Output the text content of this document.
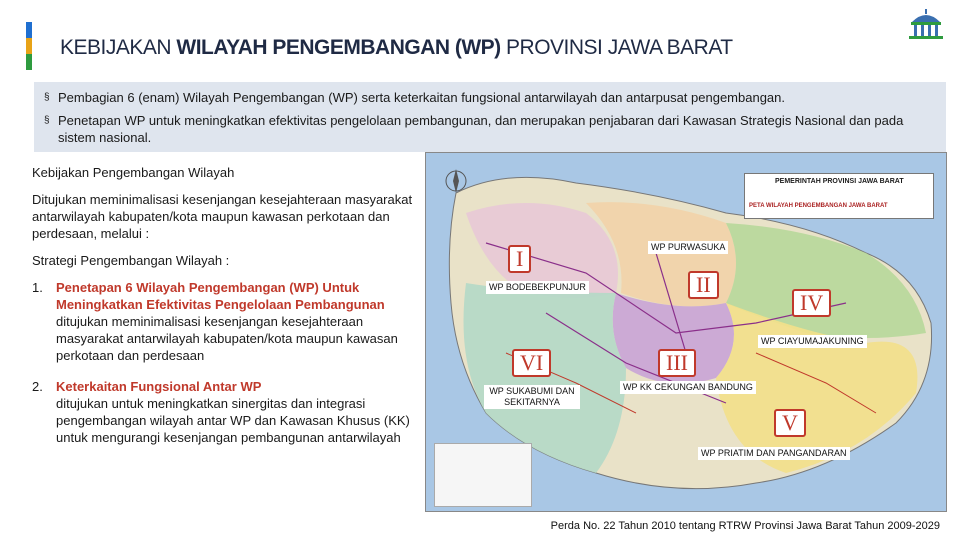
KEBIJAKAN WILAYAH PENGEMBANGAN (WP) PROVINSI JAWA BARAT
§ Pembagian 6 (enam) Wilayah Pengembangan (WP) serta keterkaitan fungsional antarwilayah dan antarpusat pengembangan.
§ Penetapan WP untuk meningkatkan efektivitas pengelolaan pembangunan, dan merupakan penjabaran dari Kawasan Strategis Nasional dan pada sistem nasional.
Kebijakan Pengembangan Wilayah
Ditujukan meminimalisasi kesenjangan kesejahteraan masyarakat antarwilayah kabupaten/kota maupun kawasan perkotaan dan perdesaan, melalui :
Strategi Pengembangan Wilayah :
1.	Penetapan 6 Wilayah Pengembangan (WP) Untuk Meningkatkan Efektivitas Pengelolaan Pembangunan
ditujukan meminimalisasi kesenjangan kesejahteraan masyarakat antarwilayah kabupaten/kota maupun kawasan perkotaan dan perdesaan
2.	Keterkaitan Fungsional Antar WP
ditujukan untuk meningkatkan sinergitas dan integrasi pengembangan wilayah antar WP dan Kawasan Khusus (KK) untuk mengurangi kesenjangan pembangunan antarwilayah
PEMERINTAH PROVINSI JAWA BARAT
PETA WILAYAH PENGEMBANGAN JAWA BARAT
I
WP BODEBEKPUNJUR	II
WP PURWASUKA
III
WP KK CEKUNGAN BANDUNG
IV
WP CIAYUMAJAKUNING
V
WP PRIATIM DAN PANGANDARAN
VI
WP SUKABUMI DAN SEKITARNYA
Perda No. 22 Tahun 2010 tentang RTRW Provinsi Jawa Barat Tahun 2009-2029
